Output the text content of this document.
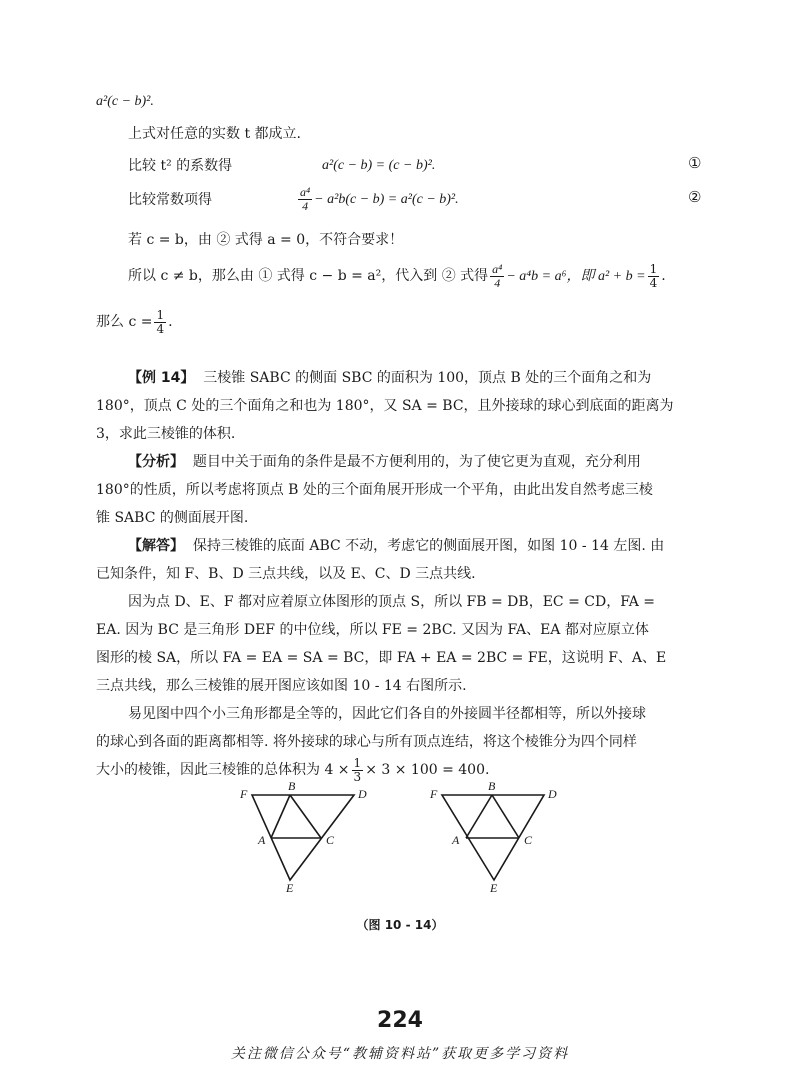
a²(c − b)².
上式对任意的实数 t 都成立.
比较 t² 的系数得	a²(c − b) = (c − b)².	①
比较常数项得	$\frac{\text{a⁴}}{4} - a^2b(c - b) = a^2(c - b)^2$.	②
若 c = b，由 ② 式得 a = 0，不符合要求！
所以 c ≠ b，那么由 ① 式得 c − b = a²，代入到 ② 式得 $\frac{\text{a⁴}}{4} - a^4b = a^6$，即 $a^2 + b = \frac{1}{4}$ .
那么 $c = \frac{1}{4}$ .
【例 14】 三棱锥 SABC 的侧面 SBC 的面积为 100，顶点 B 处的三个面角之和为
180°，顶点 C 处的三个面角之和也为 180°，又 SA = BC，且外接球的球心到底面的距离为
3，求此三棱锥的体积.
【分析】 题目中关于面角的条件是最不方便利用的，为了使它更为直观，充分利用
180°的性质，所以考虑将顶点 B 处的三个面角展开形成一个平角，由此出发自然考虑三棱
锥 SABC 的侧面展开图.
【解答】 保持三棱锥的底面 ABC 不动，考虑它的侧面展开图，如图 10 - 14 左图. 由
已知条件，知 F、B、D 三点共线，以及 E、C、D 三点共线.
因为点 D、E、F 都对应着原立体图形的顶点 S，所以 FB = DB，EC = CD，FA =
EA. 因为 BC 是三角形 DEF 的中位线，所以 FE = 2BC. 又因为 FA、EA 都对应原立体
图形的棱 SA，所以 FA = EA = SA = BC，即 FA + EA = 2BC = FE，这说明 F、A、E
三点共线，那么三棱锥的展开图应该如图 10 - 14 右图所示.
易见图中四个小三角形都是全等的，因此它们各自的外接圆半径都相等，所以外接球
的球心到各面的距离都相等. 将外接球的球心与所有顶点连结，将这个棱锥分为四个同样
大小的棱锥，因此三棱锥的总体积为 $4 \times \frac{1}{3} \times 3 \times 100 = 400$.
F
B
D
A	C
E
F
B
D
A	C
E
（图 10 - 14）
224
关注微信公众号“教辅资料站”获取更多学习资料
